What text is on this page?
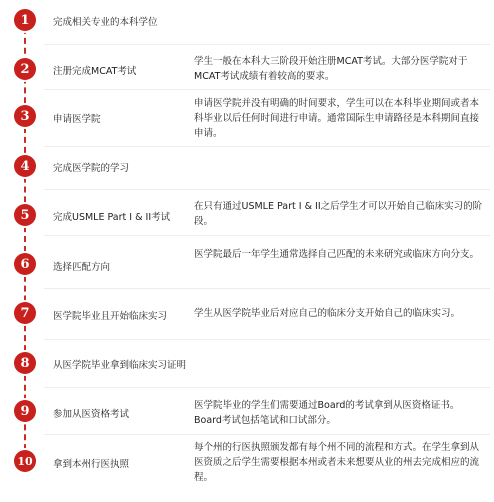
1	完成相关专业的本科学位
2	注册完成MCAT考试
学生一般在本科大三阶段开始注册MCAT考试。大部分医学院对于MCAT考试成绩有着较高的要求。
3	申请医学院
申请医学院并没有明确的时间要求，学生可以在本科毕业期间或者本科毕业以后任何时间进行申请。通常国际生申请路径是本科期间直接申请。
4	完成医学院的学习
5	完成USMLE Part I & II考试
在只有通过USMLE Part I & II之后学生才可以开始自己临床实习的阶段。
6	选择匹配方向
医学院最后一年学生通常选择自己匹配的未来研究或临床方向分支。
7	医学院毕业且开始临床实习	学生从医学院毕业后对应自己的临床分支开始自己的临床实习。
8	从医学院毕业拿到临床实习证明
9	参加从医资格考试
医学院毕业的学生们需要通过Board的考试拿到从医资格证书。Board考试包括笔试和口试部分。
10	拿到本州行医执照
每个州的行医执照颁发都有每个州不同的流程和方式。在学生拿到从医资质之后学生需要根据本州或者未来想要从业的州去完成相应的流程。
